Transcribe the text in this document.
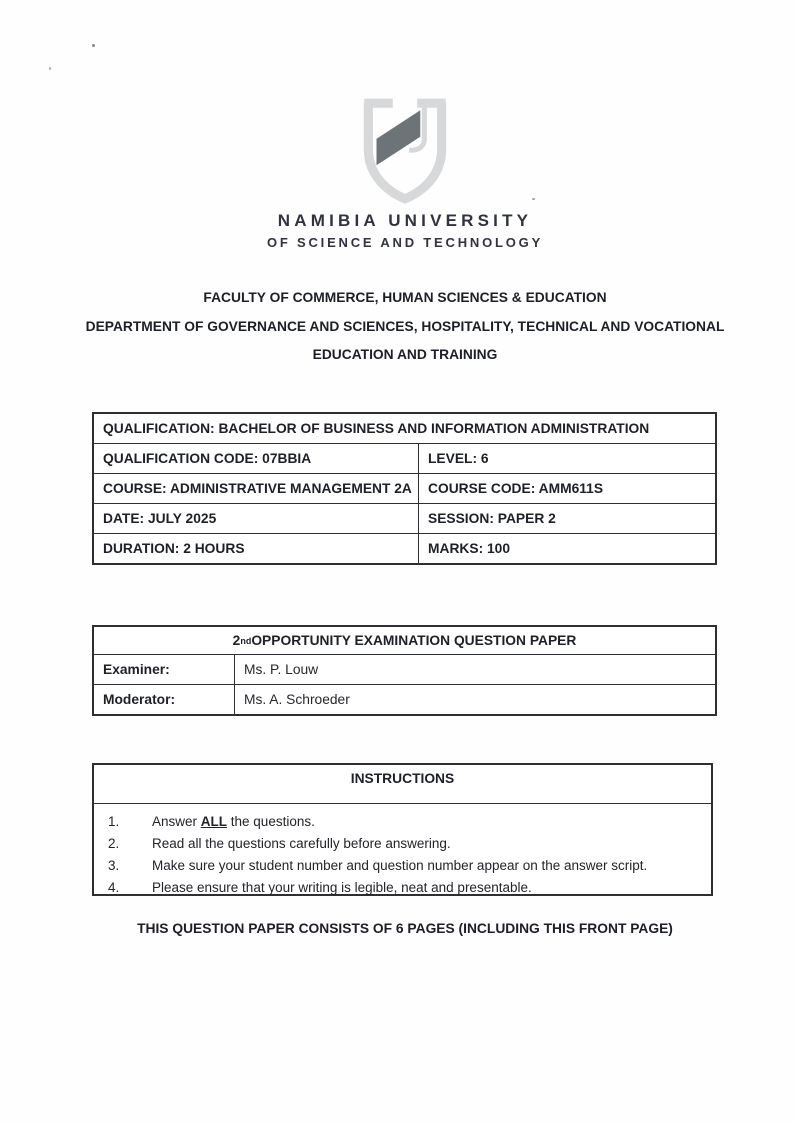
NAMIBIA UNIVERSITY
OF SCIENCE AND TECHNOLOGY
FACULTY OF COMMERCE, HUMAN SCIENCES & EDUCATION
DEPARTMENT OF GOVERNANCE AND SCIENCES, HOSPITALITY, TECHNICAL AND VOCATIONAL
EDUCATION AND TRAINING
QUALIFICATION: BACHELOR OF BUSINESS AND INFORMATION ADMINISTRATION
QUALIFICATION CODE: 07BBIA	LEVEL: 6
COURSE: ADMINISTRATIVE MANAGEMENT 2A	COURSE CODE: AMM611S
DATE: JULY 2025	SESSION: PAPER 2
DURATION: 2 HOURS	MARKS: 100
2 nd OPPORTUNITY EXAMINATION QUESTION PAPER
Examiner:	Ms. P. Louw
Moderator:	Ms. A. Schroeder
INSTRUCTIONS
1.	Answer ALL the questions.
2.	Read all the questions carefully before answering.
3.	Make sure your student number and question number appear on the answer script.
4.	Please ensure that your writing is legible, neat and presentable.
THIS QUESTION PAPER CONSISTS OF 6 PAGES (INCLUDING THIS FRONT PAGE)
